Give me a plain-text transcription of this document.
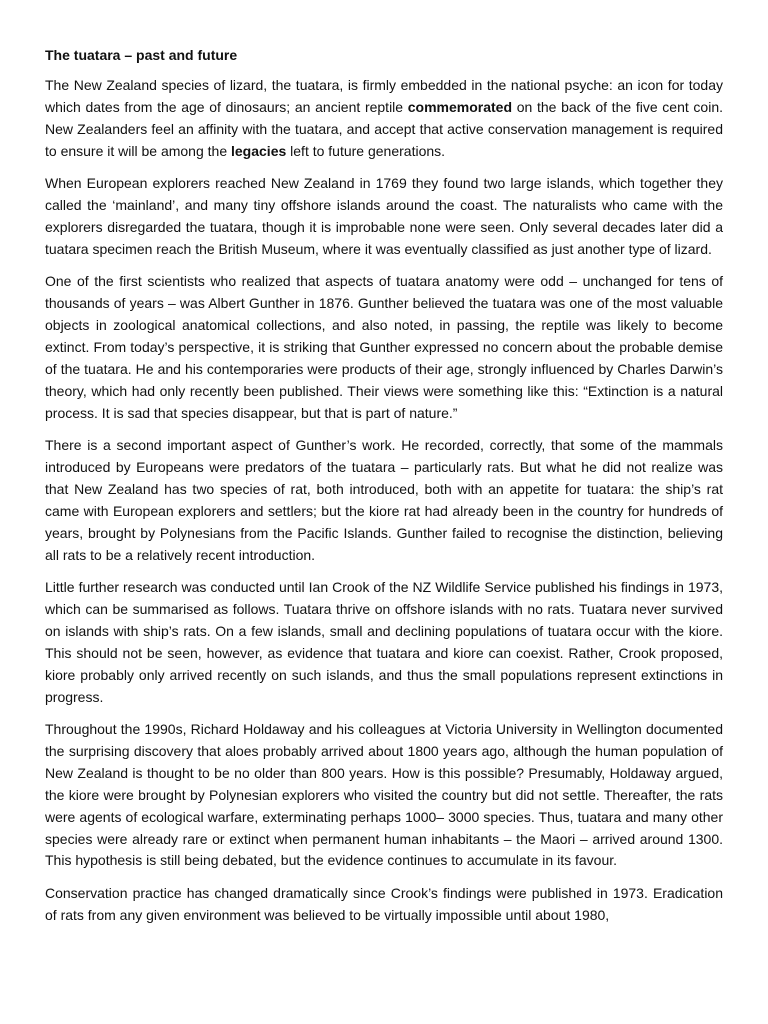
The tuatara – past and future

The New Zealand species of lizard, the tuatara, is firmly embedded in the national psyche: an icon for today which dates from the age of dinosaurs; an ancient reptile commemorated on the back of the five cent coin. New Zealanders feel an affinity with the tuatara, and accept that active conservation management is required to ensure it will be among the legacies left to future generations.

When European explorers reached New Zealand in 1769 they found two large islands, which together they called the ‘mainland’, and many tiny offshore islands around the coast. The naturalists who came with the explorers disregarded the tuatara, though it is improbable none were seen. Only several decades later did a tuatara specimen reach the British Museum, where it was eventually classified as just another type of lizard.

One of the first scientists who realized that aspects of tuatara anatomy were odd – unchanged for tens of thousands of years – was Albert Gunther in 1876. Gunther believed the tuatara was one of the most valuable objects in zoological anatomical collections, and also noted, in passing, the reptile was likely to become extinct. From today’s perspective, it is striking that Gunther expressed no concern about the probable demise of the tuatara. He and his contemporaries were products of their age, strongly influenced by Charles Darwin’s theory, which had only recently been published. Their views were something like this: “Extinction is a natural process. It is sad that species disappear, but that is part of nature.”

There is a second important aspect of Gunther’s work. He recorded, correctly, that some of the mammals introduced by Europeans were predators of the tuatara – particularly rats. But what he did not realize was that New Zealand has two species of rat, both introduced, both with an appetite for tuatara: the ship’s rat came with European explorers and settlers; but the kiore rat had already been in the country for hundreds of years, brought by Polynesians from the Pacific Islands. Gunther failed to recognise the distinction, believing all rats to be a relatively recent introduction.

Little further research was conducted until Ian Crook of the NZ Wildlife Service published his findings in 1973, which can be summarised as follows. Tuatara thrive on offshore islands with no rats. Tuatara never survived on islands with ship’s rats. On a few islands, small and declining populations of tuatara occur with the kiore. This should not be seen, however, as evidence that tuatara and kiore can coexist. Rather, Crook proposed, kiore probably only arrived recently on such islands, and thus the small populations represent extinctions in progress.

Throughout the 1990s, Richard Holdaway and his colleagues at Victoria University in Wellington documented the surprising discovery that aloes probably arrived about 1800 years ago, although the human population of New Zealand is thought to be no older than 800 years. How is this possible? Presumably, Holdaway argued, the kiore were brought by Polynesian explorers who visited the country but did not settle. Thereafter, the rats were agents of ecological warfare, exterminating perhaps 1000– 3000 species. Thus, tuatara and many other species were already rare or extinct when permanent human inhabitants – the Maori – arrived around 1300. This hypothesis is still being debated, but the evidence continues to accumulate in its favour.

Conservation practice has changed dramatically since Crook’s findings were published in 1973. Eradication of rats from any given environment was believed to be virtually impossible until about 1980,
